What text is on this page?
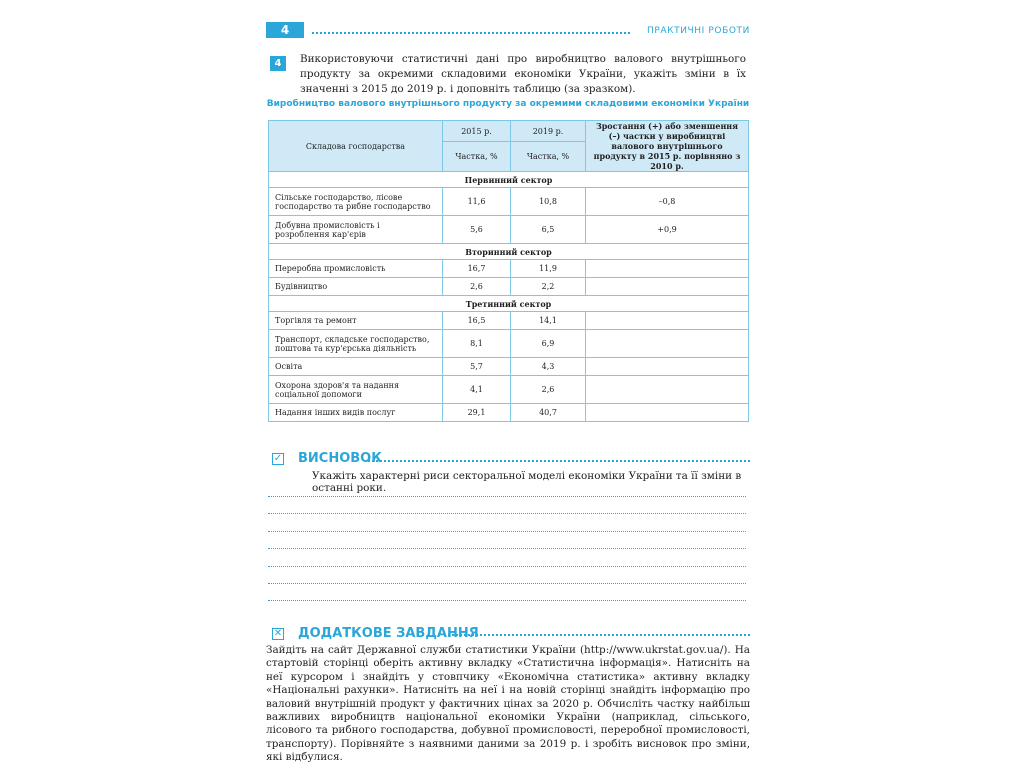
4	ПРАКТИЧНІ РОБОТИ
4	Використовуючи статистичні дані про виробництво валового внутрішнього продукту за окремими складовими економіки України, укажіть зміни в їх значенні з 2015 до 2019 р. і доповніть таблицю (за зразком).
Виробництво валового внутрішнього продукту за окремими складовими економіки України
Складова господарства	2015 р.	2019 р.	Зростання (+) або зменшення (–) частки у виробництві валового внутрішнього продукту в 2015 р. порівняно з 2010 р.
	Частка, %	Частка, %	
Первинний сектор			
Сільське господарство, лісове господарство та рибне господарство	11,6	10,8	–0,8
Добувна промисловість і розроблення кар'єрів	5,6	6,5	+0,9
Вторинний сектор			
Переробна промисловість	16,7	11,9	
Будівництво	2,6	2,2	
Третинний сектор			
Торгівля та ремонт	16,5	14,1	
Транспорт, складське господарство, поштова та кур'єрська діяльність	8,1	6,9	
Освіта	5,7	4,3	
Охорона здоров'я та надання соціальної допомоги	4,1	2,6	
Надання інших видів послуг	29,1	40,7	
✓ ВИСНОВОК
Укажіть характерні риси секторальної моделі економіки України та її зміни в останні роки.
✕ ДОДАТКОВЕ ЗАВДАННЯ
Зайдіть на сайт Державної служби статистики України (http://www.ukrstat.gov.ua/). На стартовій сторінці оберіть активну вкладку «Статистична інформація». Натисніть на неї курсором і знайдіть у стовпчику «Економічна статистика» активну вкладку «Національні рахунки». Натисніть на неї і на новій сторінці знайдіть інформацію про валовий внутрішній продукт у фактичних цінах за 2020 р. Обчисліть частку найбільш важливих виробництв національної економіки України (наприклад, сільського, лісового та рибного господарства, добувної промисловості, переробної промисловості, транспорту). Порівняйте з наявними даними за 2019 р. і зробіть висновок про зміни, які відбулися.
